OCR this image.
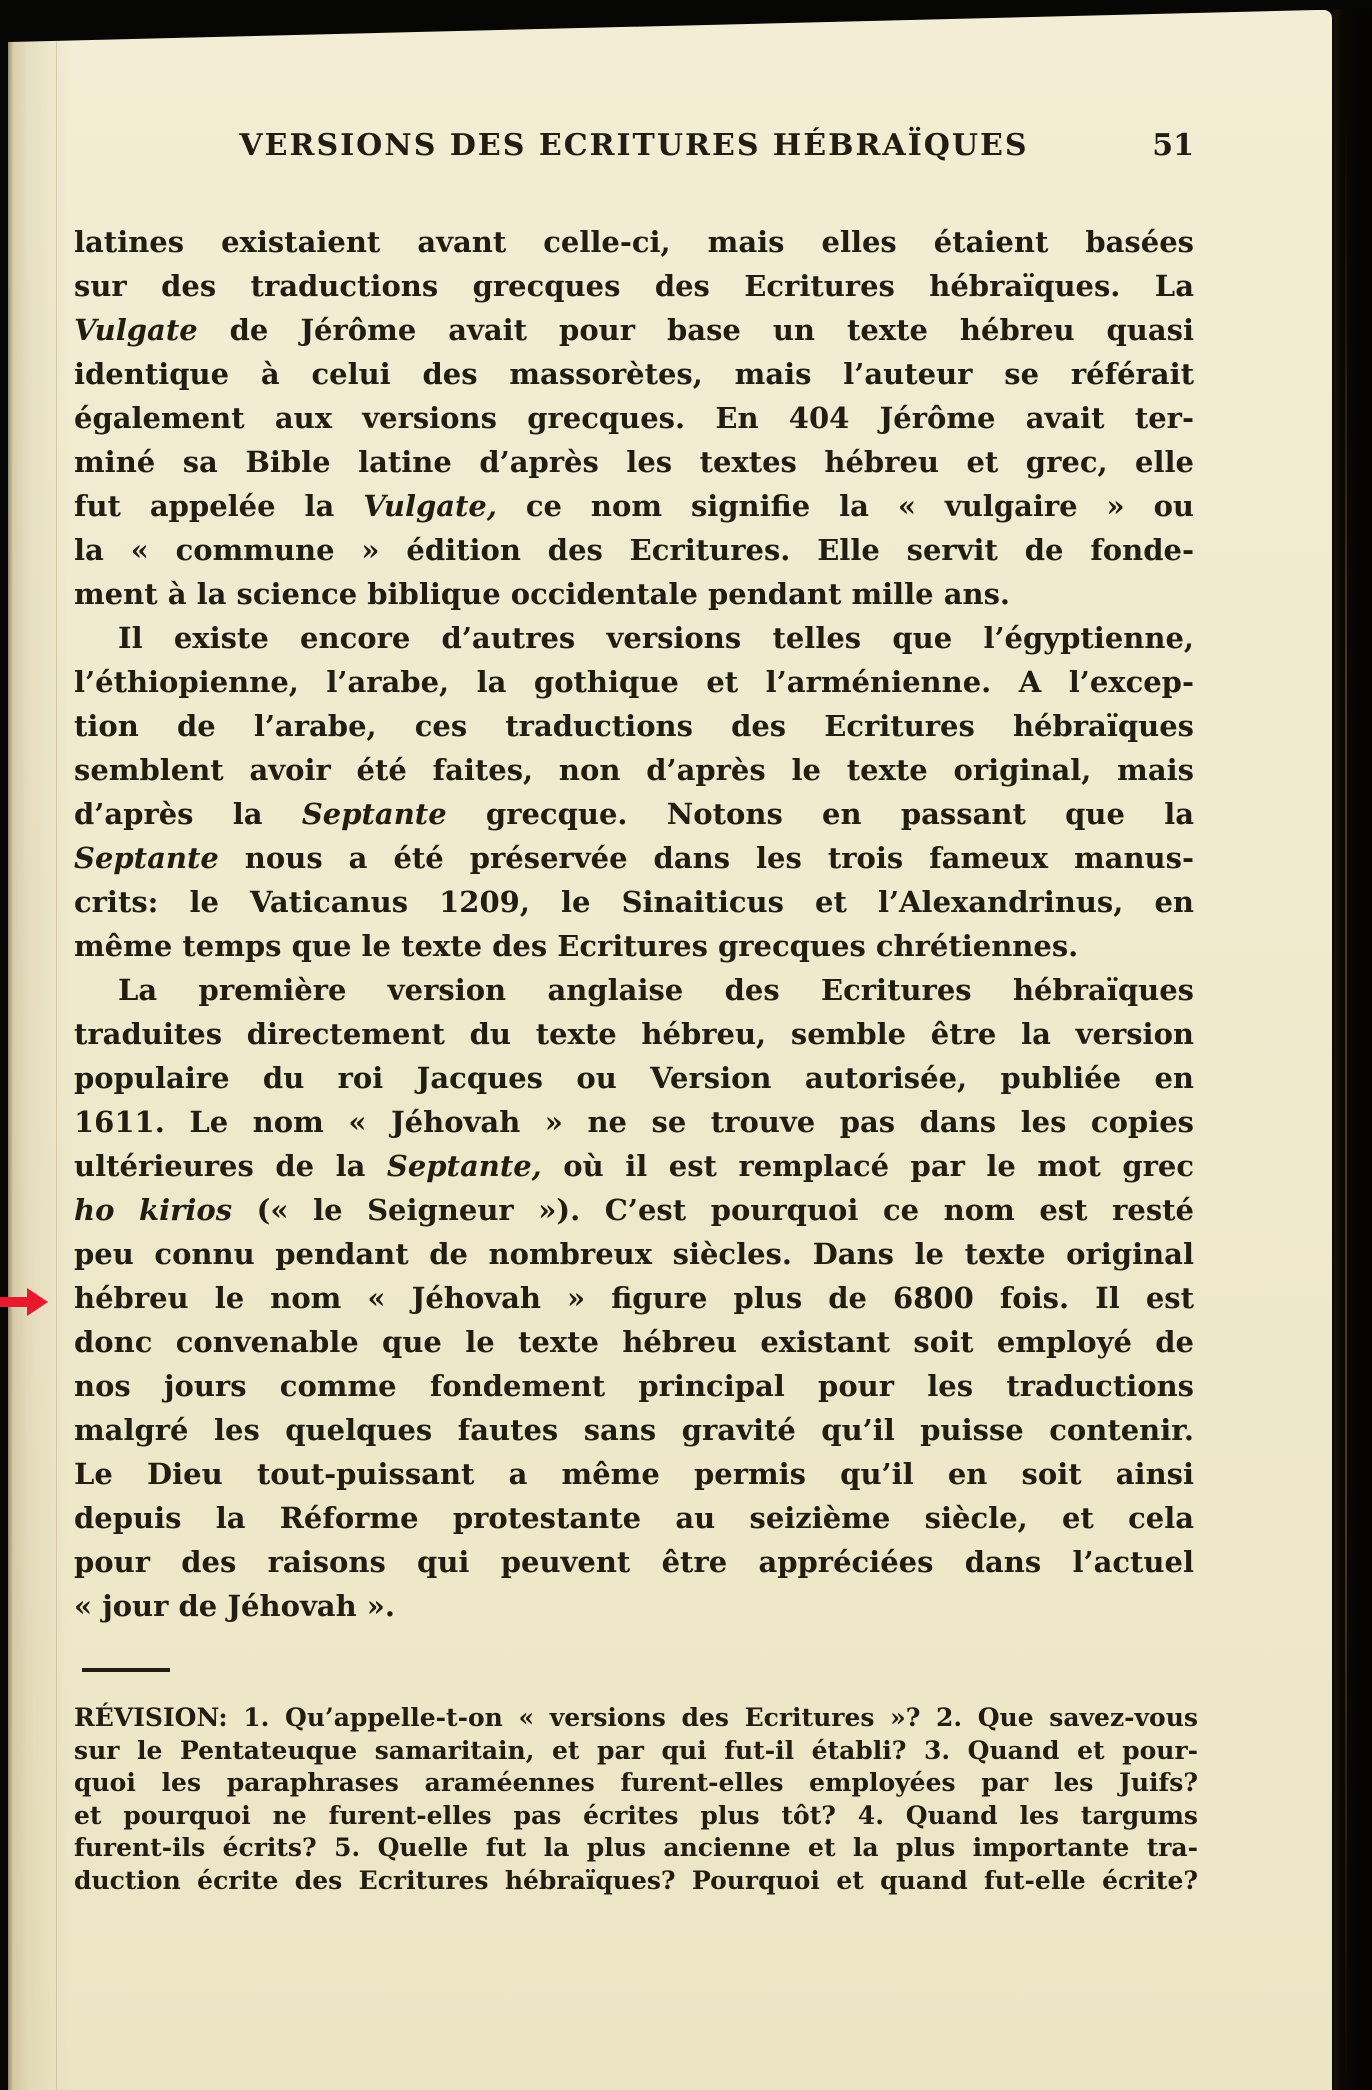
VERSIONS DES ECRITURES HÉBRAÏQUES	51
latines existaient avant celle-ci, mais elles étaient basées
sur des traductions grecques des Ecritures hébraïques. La
Vulgate de Jérôme avait pour base un texte hébreu quasi
identique à celui des massorètes, mais l’auteur se référait
également aux versions grecques. En 404 Jérôme avait ter-
miné sa Bible latine d’après les textes hébreu et grec, elle
fut appelée la Vulgate, ce nom signifie la « vulgaire » ou
la « commune » édition des Ecritures. Elle servit de fonde-
ment à la science biblique occidentale pendant mille ans.
Il existe encore d’autres versions telles que l’égyptienne,
l’éthiopienne, l’arabe, la gothique et l’arménienne. A l’excep-
tion de l’arabe, ces traductions des Ecritures hébraïques
semblent avoir été faites, non d’après le texte original, mais
d’après la Septante grecque. Notons en passant que la
Septante nous a été préservée dans les trois fameux manus-
crits: le Vaticanus 1209, le Sinaiticus et l’Alexandrinus, en
même temps que le texte des Ecritures grecques chrétiennes.
La première version anglaise des Ecritures hébraïques
traduites directement du texte hébreu, semble être la version
populaire du roi Jacques ou Version autorisée, publiée en
1611. Le nom « Jéhovah » ne se trouve pas dans les copies
ultérieures de la Septante, où il est remplacé par le mot grec
ho kirios (« le Seigneur »). C’est pourquoi ce nom est resté
peu connu pendant de nombreux siècles. Dans le texte original
hébreu le nom « Jéhovah » figure plus de 6800 fois. Il est
donc convenable que le texte hébreu existant soit employé de
nos jours comme fondement principal pour les traductions
malgré les quelques fautes sans gravité qu’il puisse contenir.
Le Dieu tout-puissant a même permis qu’il en soit ainsi
depuis la Réforme protestante au seizième siècle, et cela
pour des raisons qui peuvent être appréciées dans l’actuel
« jour de Jéhovah ».
RÉVISION: 1. Qu’appelle-t-on « versions des Ecritures »? 2. Que savez-vous
sur le Pentateuque samaritain, et par qui fut-il établi? 3. Quand et pour-
quoi les paraphrases araméennes furent-elles employées par les Juifs?
et pourquoi ne furent-elles pas écrites plus tôt? 4. Quand les targums
furent-ils écrits? 5. Quelle fut la plus ancienne et la plus importante tra-
duction écrite des Ecritures hébraïques? Pourquoi et quand fut-elle écrite?
